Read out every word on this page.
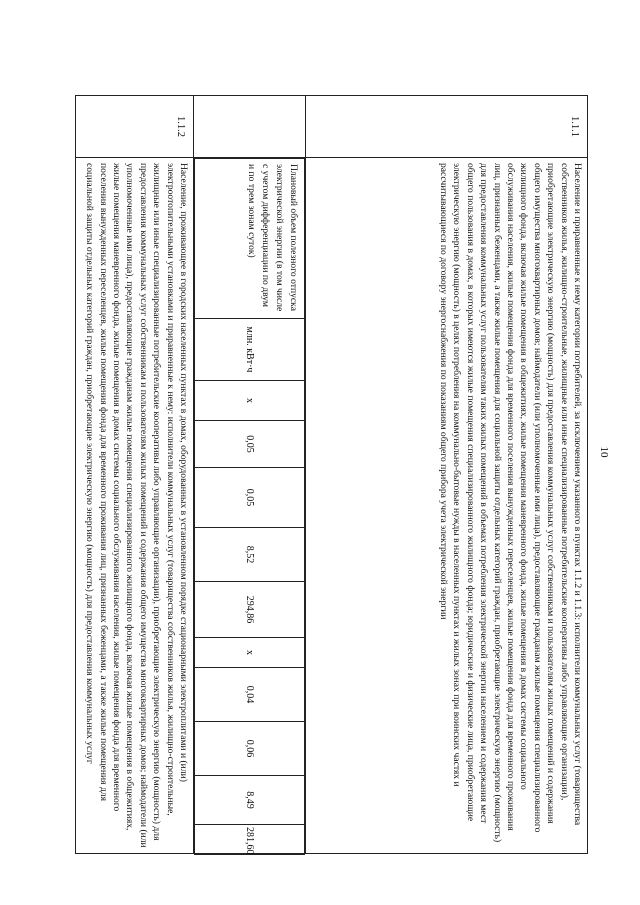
10
1.1.1	

Население и приравненные к нему категории потребителей, за исключением указанного в пунктах 1.1.2 и 1.1.3: исполнители коммунальных услуг (товарищества собственников жилья, жилищно-строительные, жилищные или иные специализированные потребительские кооперативы либо управляющие организации), приобретающие электрическую энергию (мощность) для предоставления коммунальных услуг собственникам и пользователям жилых помещений и содержания общего имущества многоквартирных домов; наймодатели (или уполномоченные ими лица), предоставляющие гражданам жилые помещения специализированного жилищного фонда, включая жилые помещения в общежитиях, жилые помещения маневренного фонда, жилые помещения в домах системы социального обслуживания населения, жилые помещения фонда для временного поселения вынужденных переселенцев, жилые помещения фонда для временного проживания лиц, признанных беженцами, а также жилые помещения для социальной защиты отдельных категорий граждан, приобретающие электрическую энергию (мощность) для предоставления коммунальных услуг пользователям таких жилых помещений в объемах потребления электрической энергии населением и содержания мест общего пользования в домах, в которых имеются жилые помещения специализированного жилищного фонда; юридические и физические лица, приобретающие электрическую энергию (мощность) в целях потребления на коммунально-бытовые нужды в населенных пунктах и жилых зонах при воинских частях и рассчитывающиеся по договору энергоснабжения по показаниям общего прибора учета электрической энергии

Плановый объем полезного отпуска электрической энергии (в том числе с учетом дифференциации по двум и по трем зонам суток)	млн. кВт·ч	x	0,05	0,05	8,52	294,86	x	0,04	0,06	8,49	281,60

1.1.2	

Население, проживающее в городских населенных пунктах в домах, оборудованных в установленном порядке стационарными электроплитами и (или) электроотопительными установками и приравненные к нему: исполнители коммунальных услуг (товарищества собственников жилья, жилищно-строительные, жилищные или иные специализированные потребительские кооперативы либо управляющие организации), приобретающие электрическую энергию (мощность) для предоставления коммунальных услуг собственникам и пользователям жилых помещений и содержания общего имущества многоквартирных домов; наймодатели (или уполномоченные ими лица), предоставляющие гражданам жилые помещения специализированного жилищного фонда, включая жилые помещения в общежитиях, жилые помещения маневренного фонда, жилые помещения в домах системы социального обслуживания населения, жилые помещения фонда для временного поселения вынужденных переселенцев, жилые помещения фонда для временного проживания лиц, признанных беженцами, а также жилые помещения для социальной защиты отдельных категорий граждан, приобретающие электрическую энергию (мощность) для предоставления коммунальных услуг
